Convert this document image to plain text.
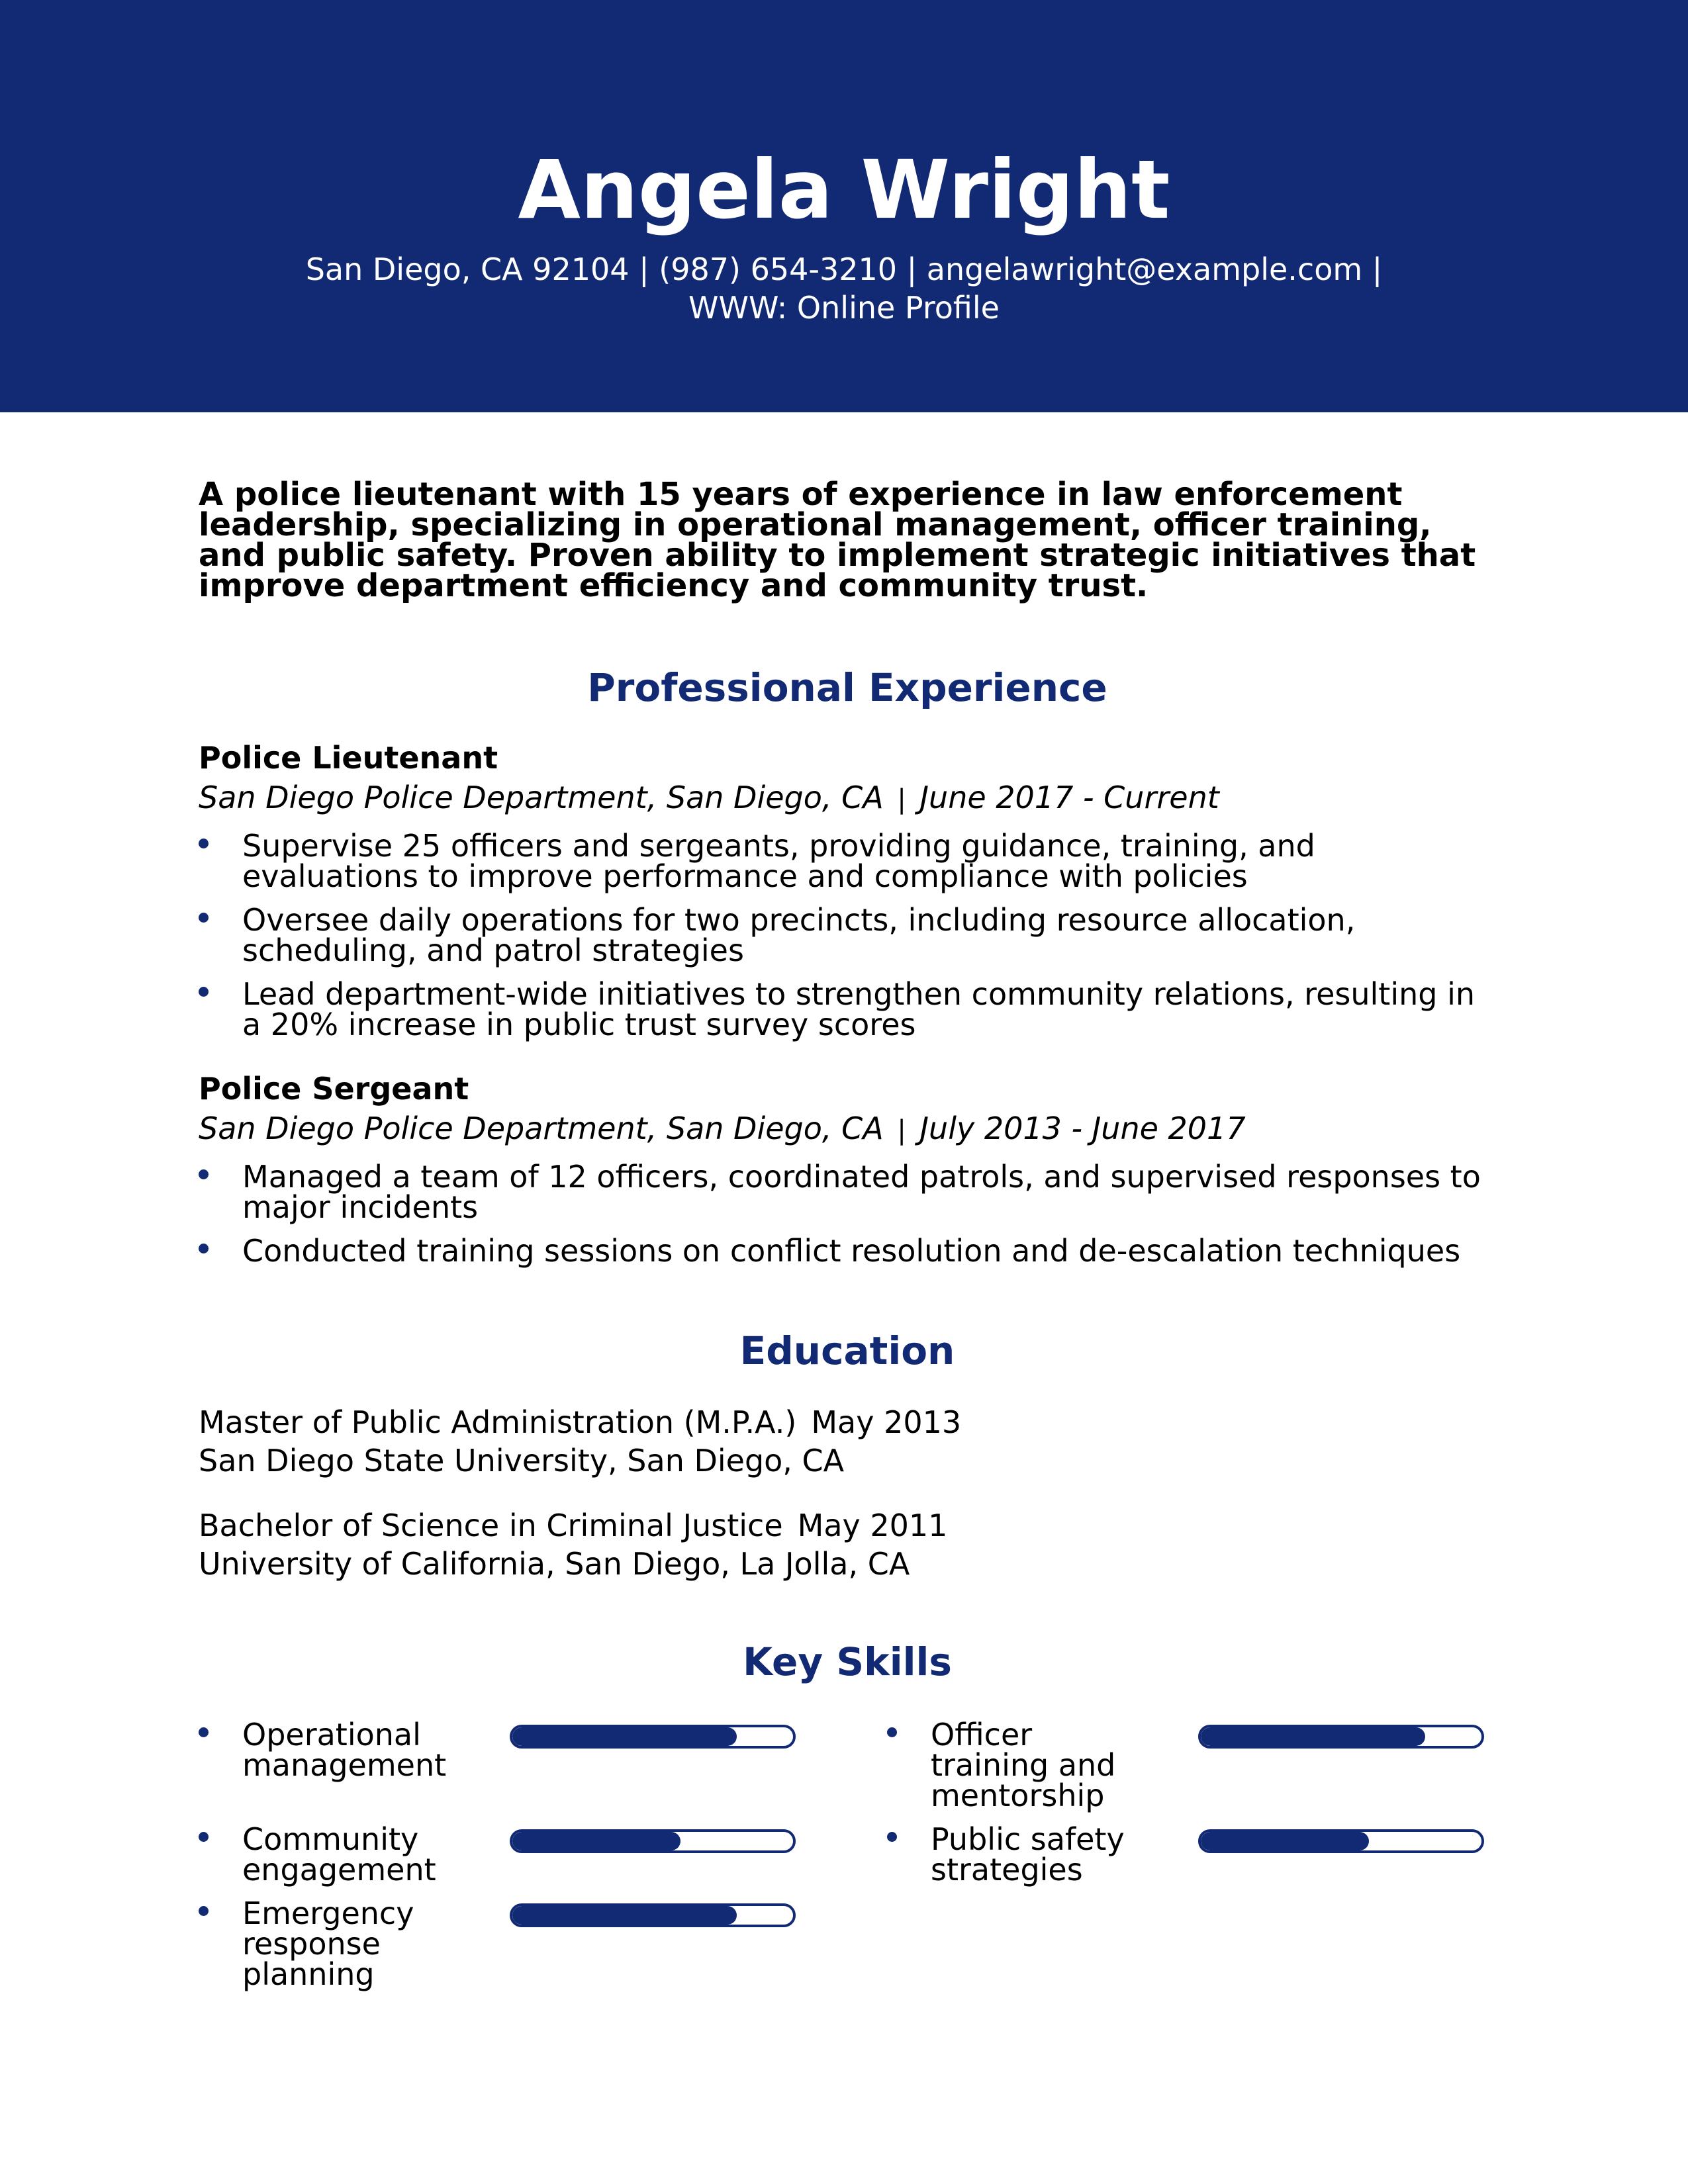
Angela Wright
San Diego, CA 92104 | (987) 654-3210 | angelawright@example.com |
WWW: Online Profile
A police lieutenant with 15 years of experience in law enforcement leadership, specializing in operational management, officer training, and public safety. Proven ability to implement strategic initiatives that improve department efficiency and community trust.
Professional Experience
Police Lieutenant
San Diego Police Department, San Diego, CA | June 2017 - Current
Supervise 25 officers and sergeants, providing guidance, training, and evaluations to improve performance and compliance with policies
Oversee daily operations for two precincts, including resource allocation, scheduling, and patrol strategies
Lead department-wide initiatives to strengthen community relations, resulting in a 20% increase in public trust survey scores
Police Sergeant
San Diego Police Department, San Diego, CA | July 2013 - June 2017
Managed a team of 12 officers, coordinated patrols, and supervised responses to major incidents
Conducted training sessions on conflict resolution and de-escalation techniques
Education
Master of Public Administration (M.P.A.) May 2013
San Diego State University, San Diego, CA
Bachelor of Science in Criminal Justice May 2011
University of California, San Diego, La Jolla, CA
Key Skills
Operational management
Officer training and mentorship
Community engagement
Public safety strategies
Emergency response planning
